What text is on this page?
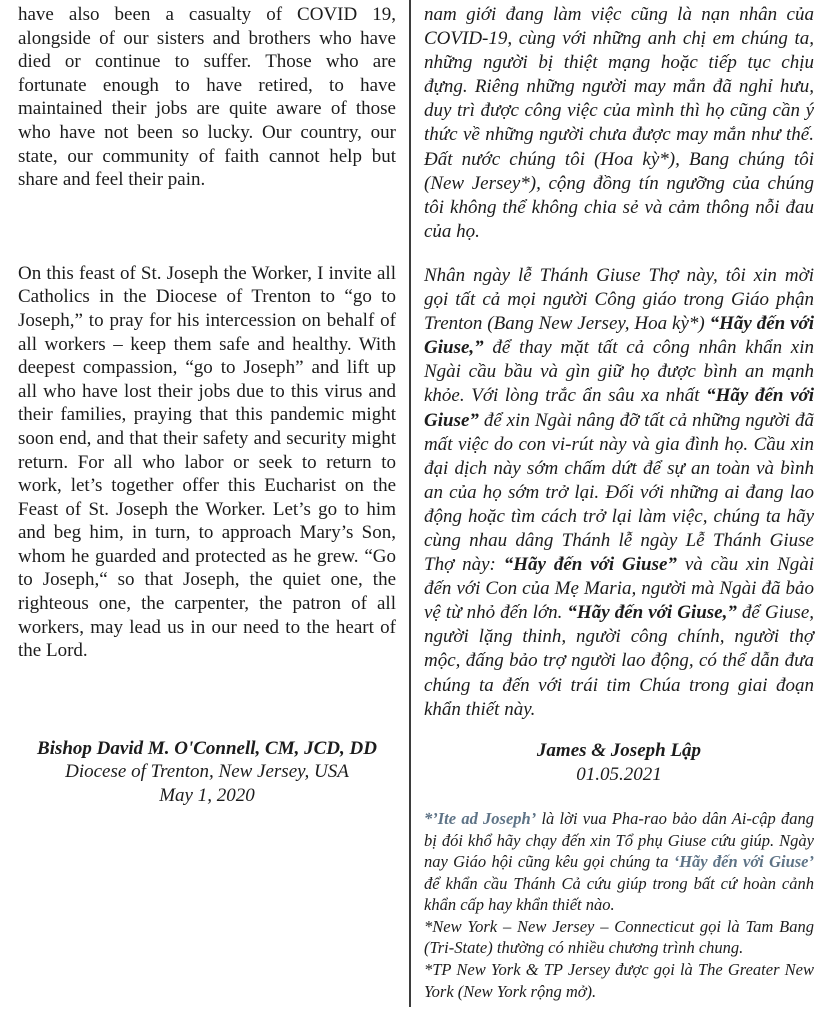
have also been a casualty of COVID 19, alongside of our sisters and brothers who have died or continue to suffer. Those who are fortunate enough to have retired, to have maintained their jobs are quite aware of those who have not been so lucky. Our country, our state, our community of faith cannot help but share and feel their pain.

On this feast of St. Joseph the Worker, I invite all Catholics in the Diocese of Trenton to “go to Joseph,” to pray for his intercession on behalf of all workers – keep them safe and healthy. With deepest compassion, “go to Joseph” and lift up all who have lost their jobs due to this virus and their families, praying that this pandemic might soon end, and that their safety and security might return. For all who labor or seek to return to work, let’s together offer this Eucharist on the Feast of St. Joseph the Worker. Let’s go to him and beg him, in turn, to approach Mary’s Son, whom he guarded and protected as he grew. “Go to Joseph,“ so that Joseph, the quiet one, the righteous one, the carpenter, the patron of all workers, may lead us in our need to the heart of the Lord.

Bishop David M. O'Connell, CM, JCD, DD
Diocese of Trenton, New Jersey, USA
May 1, 2020

nam giới đang làm việc cũng là nạn nhân của COVID-19, cùng với những anh chị em chúng ta, những người bị thiệt mạng hoặc tiếp tục chịu đựng. Riêng những người may mắn đã nghỉ hưu, duy trì được công việc của mình thì họ cũng cần ý thức về những người chưa được may mắn như thế. Đất nước chúng tôi (Hoa kỳ*), Bang chúng tôi (New Jersey*), cộng đồng tín ngưỡng của chúng tôi không thể không chia sẻ và cảm thông nỗi đau của họ.

Nhân ngày lễ Thánh Giuse Thợ này, tôi xin mời gọi tất cả mọi người Công giáo trong Giáo phận Trenton (Bang New Jersey, Hoa kỳ*) “Hãy đến với Giuse,” để thay mặt tất cả công nhân khẩn xin Ngài cầu bầu và gìn giữ họ được bình an mạnh khỏe. Với lòng trắc ẩn sâu xa nhất “Hãy đến với Giuse” để xin Ngài nâng đỡ tất cả những người đã mất việc do con vi-rút này và gia đình họ. Cầu xin đại dịch này sớm chấm dứt để sự an toàn và bình an của họ sớm trở lại. Đối với những ai đang lao động hoặc tìm cách trở lại làm việc, chúng ta hãy cùng nhau dâng Thánh lễ ngày Lễ Thánh Giuse Thợ này: “Hãy đến với Giuse” và cầu xin Ngài đến với Con của Mẹ Maria, người mà Ngài đã bảo vệ từ nhỏ đến lớn. “Hãy đến với Giuse,” để Giuse, người lặng thinh, người công chính, người thợ mộc, đấng bảo trợ người lao động, có thể dẫn đưa chúng ta đến với trái tim Chúa trong giai đoạn khẩn thiết này.

James & Joseph Lập
01.05.2021

*’Ite ad Joseph’ là lời vua Pha-rao bảo dân Ai-cập đang bị đói khổ hãy chạy đến xin Tổ phụ Giuse cứu giúp. Ngày nay Giáo hội cũng kêu gọi chúng ta ‘Hãy đến với Giuse’ để khẩn cầu Thánh Cả cứu giúp trong bất cứ hoàn cảnh khẩn cấp hay khẩn thiết nào.

*New York – New Jersey – Connecticut gọi là Tam Bang (Tri-State) thường có nhiều chương trình chung.

*TP New York & TP Jersey được gọi là The Greater New York (New York rộng mở).
